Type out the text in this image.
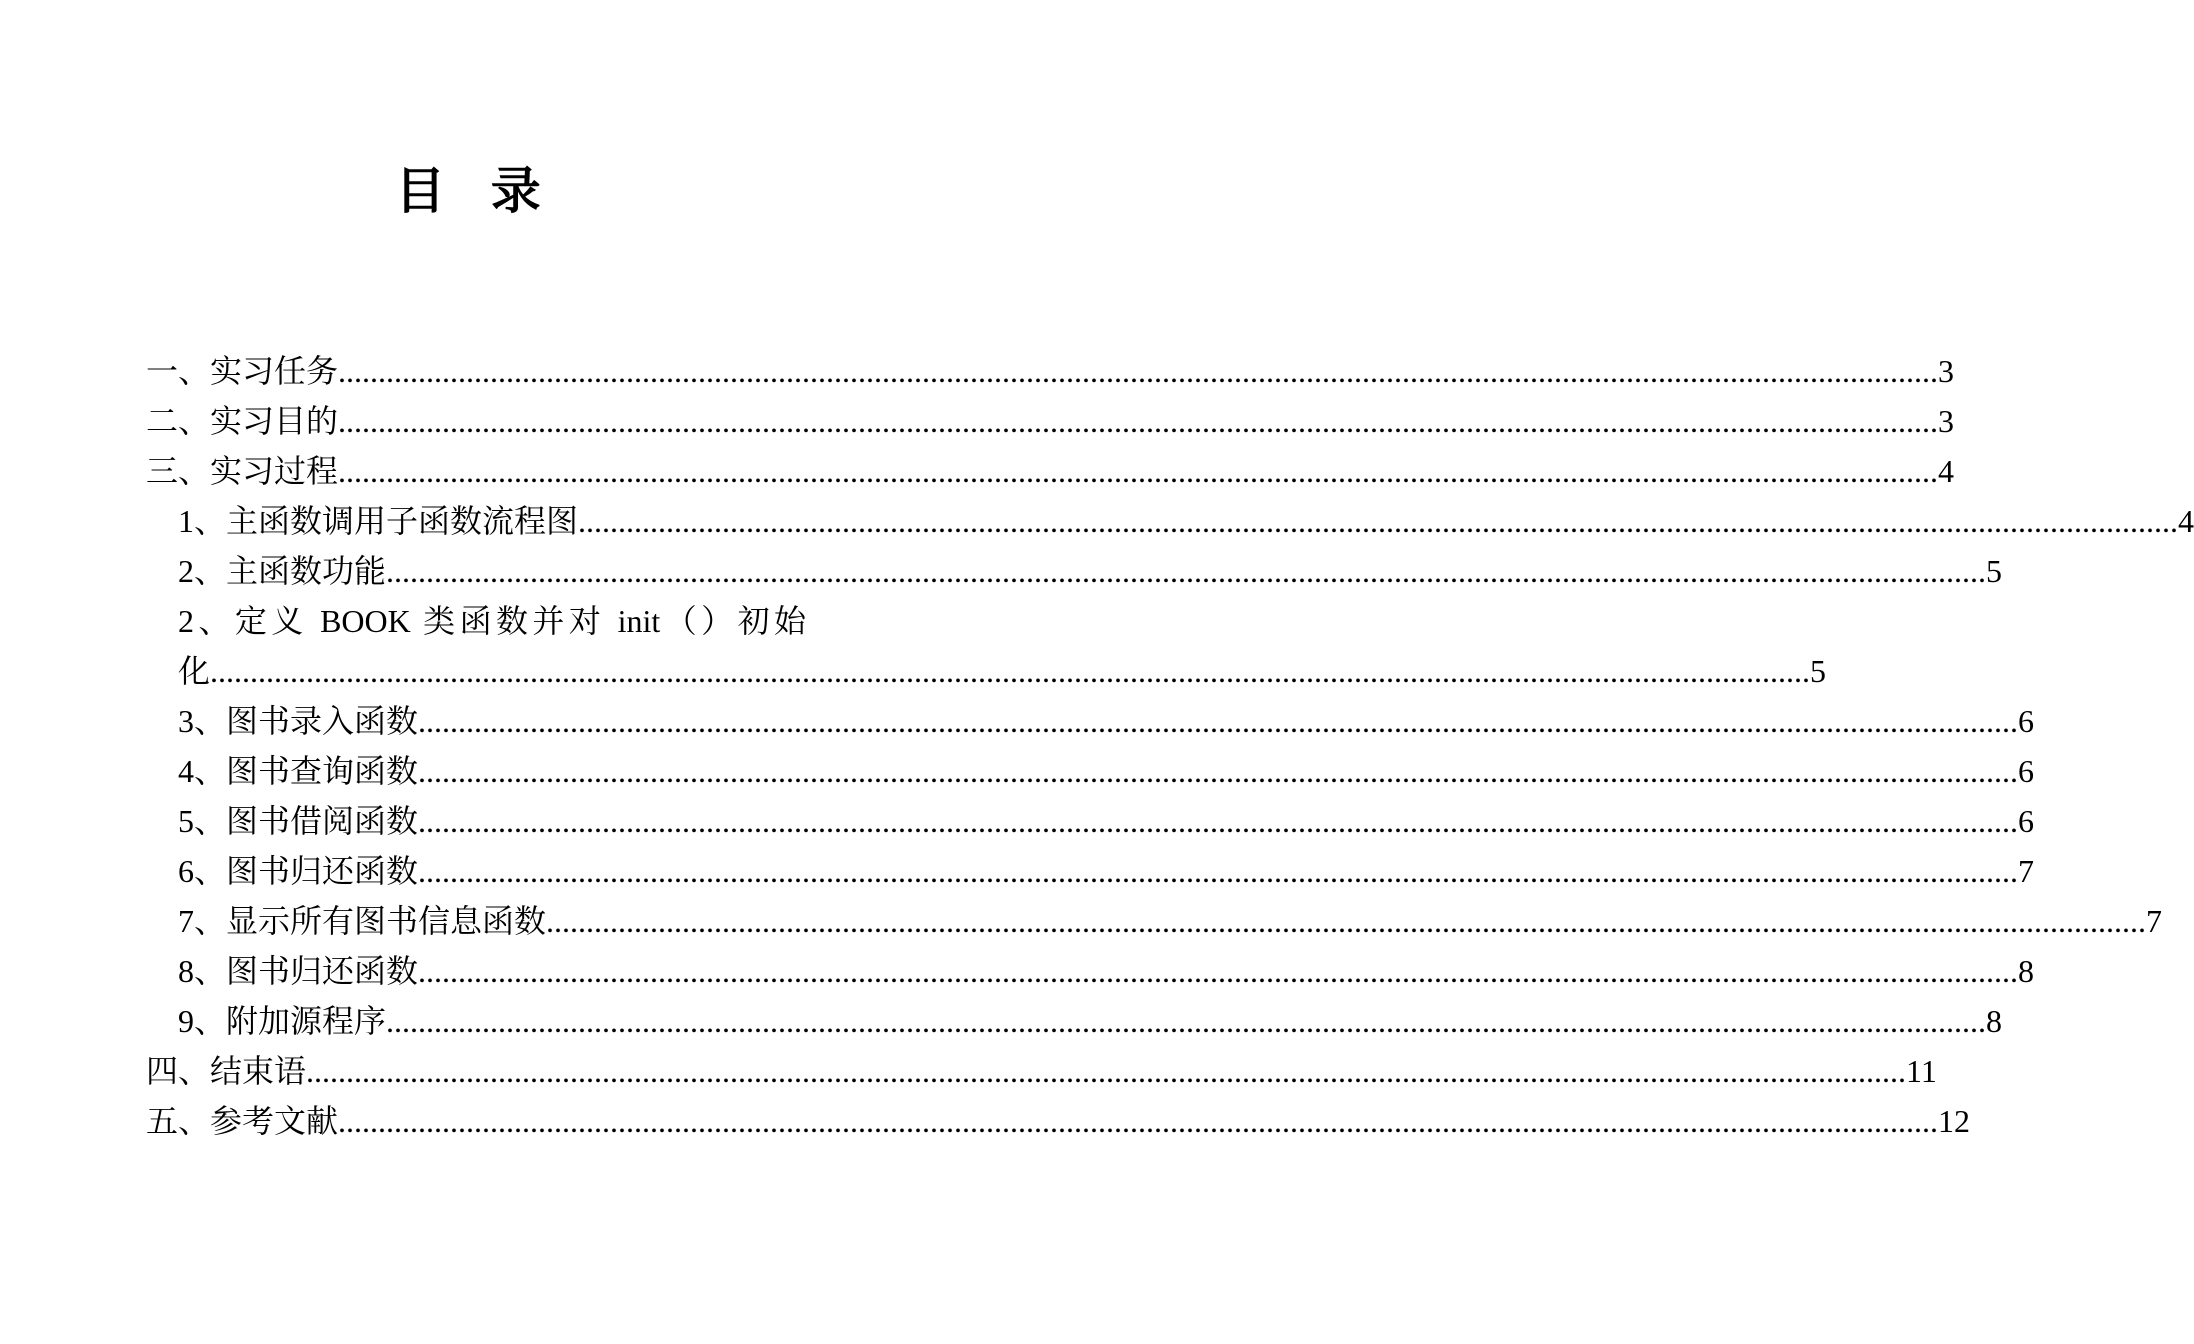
目 录
一、实习任务 ........................................................................................................................................................................................................ 3
二、实习目的 ........................................................................................................................................................................................................ 3
三、实习过程 ........................................................................................................................................................................................................ 4
1、主函数调用子函数流程图 ........................................................................................................................................................................................................ 4
2、主函数功能 ........................................................................................................................................................................................................ 5
2、定义 BOOK 类函数并对 init（）初始
化 ........................................................................................................................................................................................................ 5
3、图书录入函数 ........................................................................................................................................................................................................ 6
4、图书查询函数 ........................................................................................................................................................................................................ 6
5、图书借阅函数 ........................................................................................................................................................................................................ 6
6、图书归还函数 ........................................................................................................................................................................................................ 7
7、显示所有图书信息函数 ........................................................................................................................................................................................................ 7
8、图书归还函数 ........................................................................................................................................................................................................ 8
9、附加源程序 ........................................................................................................................................................................................................ 8
四、结束语 ........................................................................................................................................................................................................ 11
五、参考文献 ........................................................................................................................................................................................................ 12
